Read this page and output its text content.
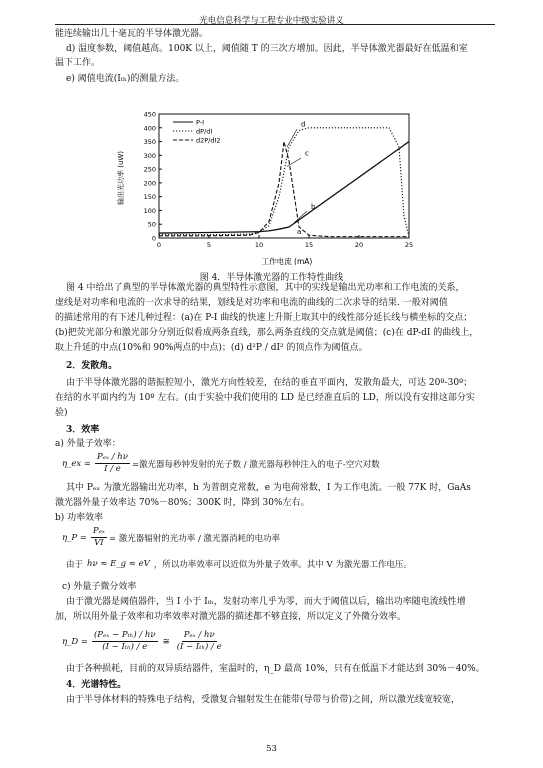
光电信息科学与工程专业中级实验讲义
能连续输出几十毫瓦的半导体激光器。
d) 温度参数，阈值越高。100K 以上，阈值随 T 的三次方增加。因此，半导体激光器最好在低温和室
温下工作。
e) 阈值电流(Iₜₕ)的测量方法。
0
50
100
150
200
250
300
350
400
450
0	5	10	15	20	25
P-I
dP/dI
d2P/dI2
d
c
b
a
工作电流 (mA)
输出光功率 (uW)
图 4．半导体激光器的工作特性曲线
图 4 中给出了典型的半导体激光器的典型特性示意图，其中的实线是输出光功率和工作电流的关系，
虚线是对功率和电流的一次求导的结果，划线是对功率和电流的曲线的二次求导的结果. 一般对阈值
的描述常用的有下述几种过程：(a)在 P-I 曲线的快速上升斯上取其中的线性部分延长线与横坐标的交点；
(b)把荧光部分和激光部分分别近似看成两条直线，那么两条直线的交点就是阈值；(c)在 dP-dI 的曲线上，
取上升延的中点(10%和 90%两点的中点)；(d) d²P / dI² 的顶点作为阈值点。
2．发散角。
由于半导体激光器的谐振腔短小，激光方向性较差，在结的垂直平面内，发散角最大，可达 20º-30º；
在结的水平面内约为 10º 左右。(由于实验中我们使用的 LD 是已经准直后的 LD，所以没有安排这部分实
验)
3．效率
a) 外量子效率：
η_ex = $\frac{\text{Pₑₓ / hν}}{I / e}$ =激光器每秒钟发射的光子数 / 激光器每秒钟注入的电子-空穴对数
其中 Pₑₓ 为激光器输出光功率，h 为普朗克常数，e 为电荷常数，I 为工作电流。一般 77K 时，GaAs
激光器外量子效率达 70%－80%；300K 时，降到 30%左右。
b) 功率效率
η_P = $\frac{\text{Pₑₓ}}{VI}$ = 激光器辐射的光功率 / 激光器消耗的电功率
由于 hν ≈ E_g ≈ eV ，所以功率效率可以近似为外量子效率。其中 V 为激光器工作电压。
c) 外量子微分效率
由于激光器是阈值器件，当 I 小于 Iₜₕ，发射功率几乎为零，而大于阈值以后，输出功率随电流线性增
加，所以用外量子效率和功率效率对激光器的描述都不够直接，所以定义了外微分效率。
η_D = $\frac{\text{(Pₑₓ − Pₜₕ) / hν}}{\text{(I − Iₜₕ) / e}}$ ≅ $\frac{\text{Pₑₓ / hν}}{\text{(I − Iₜₕ) / e}}$
由于各种损耗，目前的双异质结器件，室温时的，η_D 最高 10%，只有在低温下才能达到 30%－40%。
4．光谱特性。
由于半导体材料的特殊电子结构，受激复合辐射发生在能带(导带与价带)之间，所以激光线宽较宽，
53
